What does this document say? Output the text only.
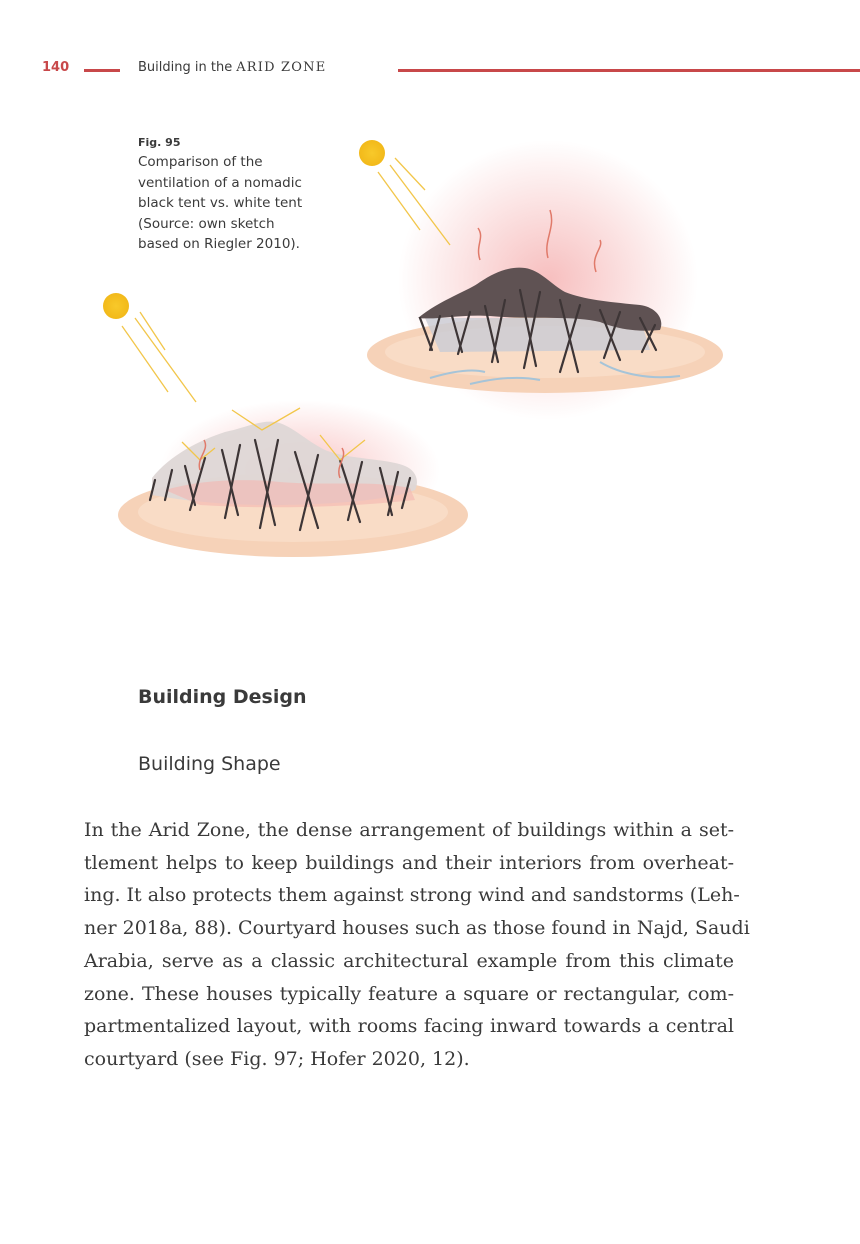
140	Building in the ARID ZONE
Fig. 95
Comparison of the
ventilation of a nomadic
black tent vs. white tent
(Source: own sketch
based on Riegler 2010).
Building Design
Building Shape
In the Arid Zone, the dense arrangement of buildings within a set-
tlement helps to keep buildings and their interiors from overheat-
ing. It also protects them against strong wind and sandstorms (Leh-
ner 2018a, 88). Courtyard houses such as those found in Najd, Saudi
Arabia, serve as a classic architectural example from this climate
zone. These houses typically feature a square or rectangular, com-
partmentalized layout, with rooms facing inward towards a central
courtyard (see Fig. 97; Hofer 2020, 12).
